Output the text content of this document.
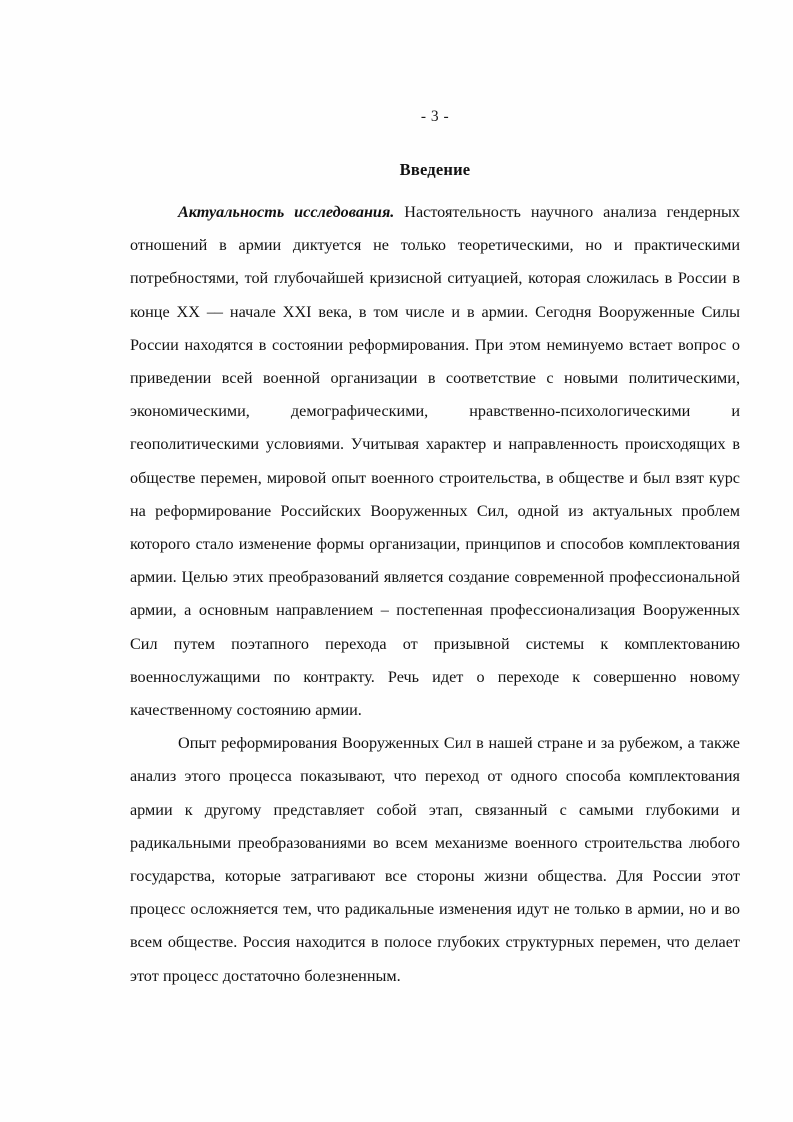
- 3 -
Введение

Актуальность исследования. Настоятельность научного анализа гендерных отношений в армии диктуется не только теоретическими, но и практическими потребностями, той глубочайшей кризисной ситуацией, которая сложилась в России в конце XX –– начале XXI века, в том числе и в армии. Сегодня Вооруженные Силы России находятся в состоянии реформирования. При этом неминуемо встает вопрос о приведении всей военной организации в соответствие с новыми политическими, экономическими, демографическими, нравственно-психологическими и геополитическими условиями. Учитывая характер и направленность происходящих в обществе перемен, мировой опыт военного строительства, в обществе и был взят курс на реформирование Российских Вооруженных Сил, одной из актуальных проблем которого стало изменение формы организации, принципов и способов комплектования армии. Целью этих преобразований является создание современной профессиональной армии, а основным направлением – постепенная профессионализация Вооруженных Сил путем поэтапного перехода от призывной системы к комплектованию военнослужащими по контракту. Речь идет о переходе к совершенно новому качественному состоянию армии.

Опыт реформирования Вооруженных Сил в нашей стране и за рубежом, а также анализ этого процесса показывают, что переход от одного способа комплектования армии к другому представляет собой этап, связанный с самыми глубокими и радикальными преобразованиями во всем механизме военного строительства любого государства, которые затрагивают все стороны жизни общества. Для России этот процесс осложняется тем, что радикальные изменения идут не только в армии, но и во всем обществе. Россия находится в полосе глубоких структурных перемен, что делает этот процесс достаточно болезненным.
